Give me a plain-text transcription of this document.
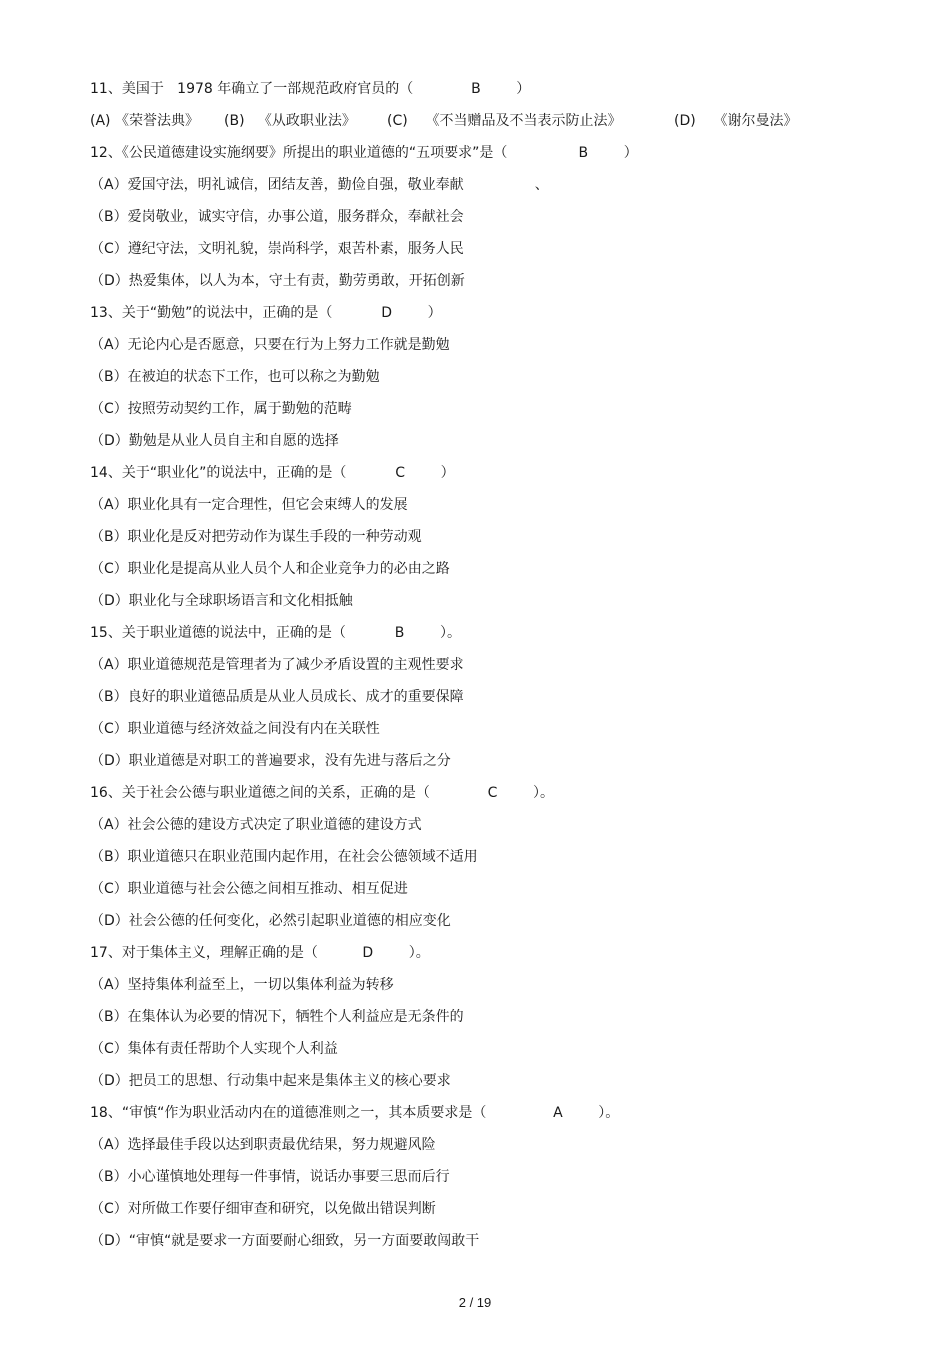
11、美国于   1978 年确立了一部规范政府官员的（             B        ）
(A) 《荣誉法典》	(B)   《从政职业法》	(C)    《不当赠品及不当表示防止法》	(D)    《谢尔曼法》
12、《公民道德建设实施纲要》所提出的职业道德的“五项要求”是（                B        ）
（A）爱国守法，明礼诚信，团结友善，勤俭自强，敬业奉献                、
（B）爱岗敬业，诚实守信，办事公道，服务群众，奉献社会
（C）遵纪守法，文明礼貌，崇尚科学，艰苦朴素，服务人民
（D）热爱集体，以人为本，守土有责，勤劳勇敢，开拓创新
13、关于“勤勉”的说法中，正确的是（           D        ）
（A）无论内心是否愿意，只要在行为上努力工作就是勤勉
（B）在被迫的状态下工作，也可以称之为勤勉
（C）按照劳动契约工作，属于勤勉的范畴
（D）勤勉是从业人员自主和自愿的选择
14、关于“职业化”的说法中，正确的是（           C        ）
（A）职业化具有一定合理性，但它会束缚人的发展
（B）职业化是反对把劳动作为谋生手段的一种劳动观
（C）职业化是提高从业人员个人和企业竞争力的必由之路
（D）职业化与全球职场语言和文化相抵触
15、关于职业道德的说法中，正确的是（           B        ）。
（A）职业道德规范是管理者为了减少矛盾设置的主观性要求
（B）良好的职业道德品质是从业人员成长、成才的重要保障
（C）职业道德与经济效益之间没有内在关联性
（D）职业道德是对职工的普遍要求，没有先进与落后之分
16、关于社会公德与职业道德之间的关系，正确的是（             C        ）。
（A）社会公德的建设方式决定了职业道德的建设方式
（B）职业道德只在职业范围内起作用，在社会公德领域不适用
（C）职业道德与社会公德之间相互推动、相互促进
（D）社会公德的任何变化，必然引起职业道德的相应变化
17、对于集体主义，理解正确的是（          D        ）。
（A）坚持集体利益至上，一切以集体利益为转移
（B）在集体认为必要的情况下，牺牲个人利益应是无条件的
（C）集体有责任帮助个人实现个人利益
（D）把员工的思想、行动集中起来是集体主义的核心要求
18、“审慎“作为职业活动内在的道德准则之一，其本质要求是（               A        ）。
（A）选择最佳手段以达到职责最优结果，努力规避风险
（B）小心谨慎地处理每一件事情，说话办事要三思而后行
（C）对所做工作要仔细审查和研究，以免做出错误判断
（D）“审慎“就是要求一方面要耐心细致，另一方面要敢闯敢干
2 / 19
